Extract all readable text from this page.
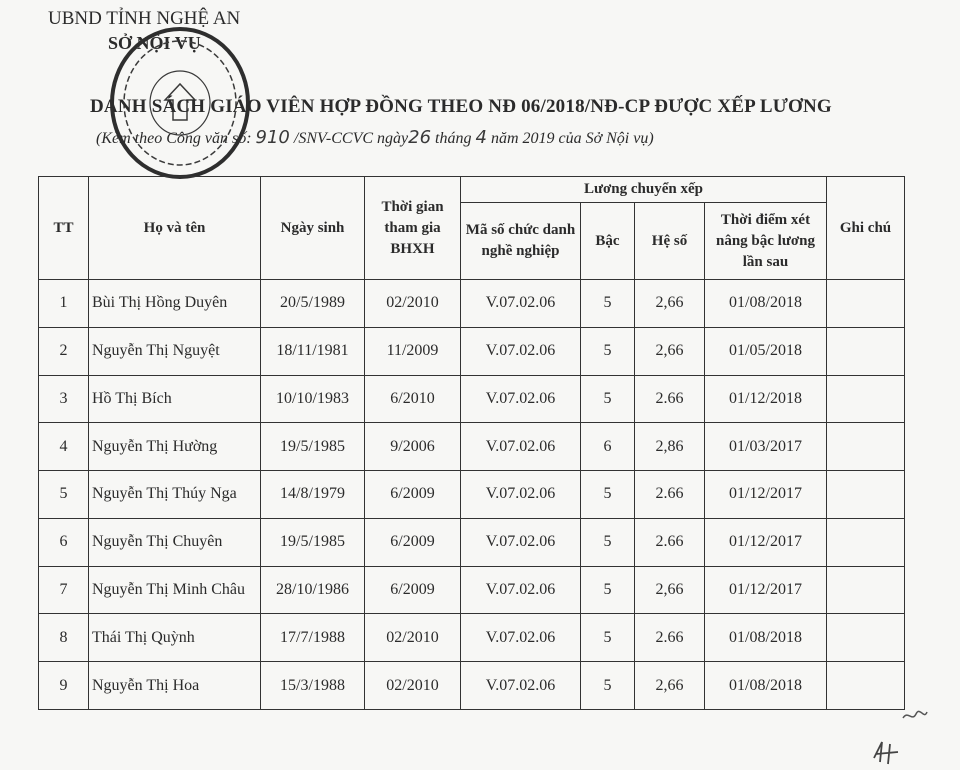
UBND TỈNH NGHỆ AN
SỞ NỘI VỤ
DANH SÁCH GIÁO VIÊN HỢP ĐỒNG THEO NĐ 06/2018/NĐ-CP ĐƯỢC XẾP LƯƠNG
(Kèm theo Công văn số: 910 /SNV-CCVC ngày26 tháng 4 năm 2019 của Sở Nội vụ)
TT	Họ và tên	Ngày sinh	Thời gian tham gia BHXH	Lương chuyển xếp				Ghi chú
				Mã số chức danh nghề nghiệp	Bậc	Hệ số	Thời điểm xét nâng bậc lương lần sau	
1	Bùi Thị Hồng Duyên	20/5/1989	02/2010	V.07.02.06	5	2,66	01/08/2018	
2	Nguyễn Thị Nguyệt	18/11/1981	11/2009	V.07.02.06	5	2,66	01/05/2018	
3	Hồ Thị Bích	10/10/1983	6/2010	V.07.02.06	5	2.66	01/12/2018	
4	Nguyễn Thị Hường	19/5/1985	9/2006	V.07.02.06	6	2,86	01/03/2017	
5	Nguyễn Thị Thúy Nga	14/8/1979	6/2009	V.07.02.06	5	2.66	01/12/2017	
6	Nguyễn Thị Chuyên	19/5/1985	6/2009	V.07.02.06	5	2.66	01/12/2017	
7	Nguyễn Thị Minh Châu	28/10/1986	6/2009	V.07.02.06	5	2,66	01/12/2017	
8	Thái Thị Quỳnh	17/7/1988	02/2010	V.07.02.06	5	2.66	01/08/2018	
9	Nguyễn Thị Hoa	15/3/1988	02/2010	V.07.02.06	5	2,66	01/08/2018	
